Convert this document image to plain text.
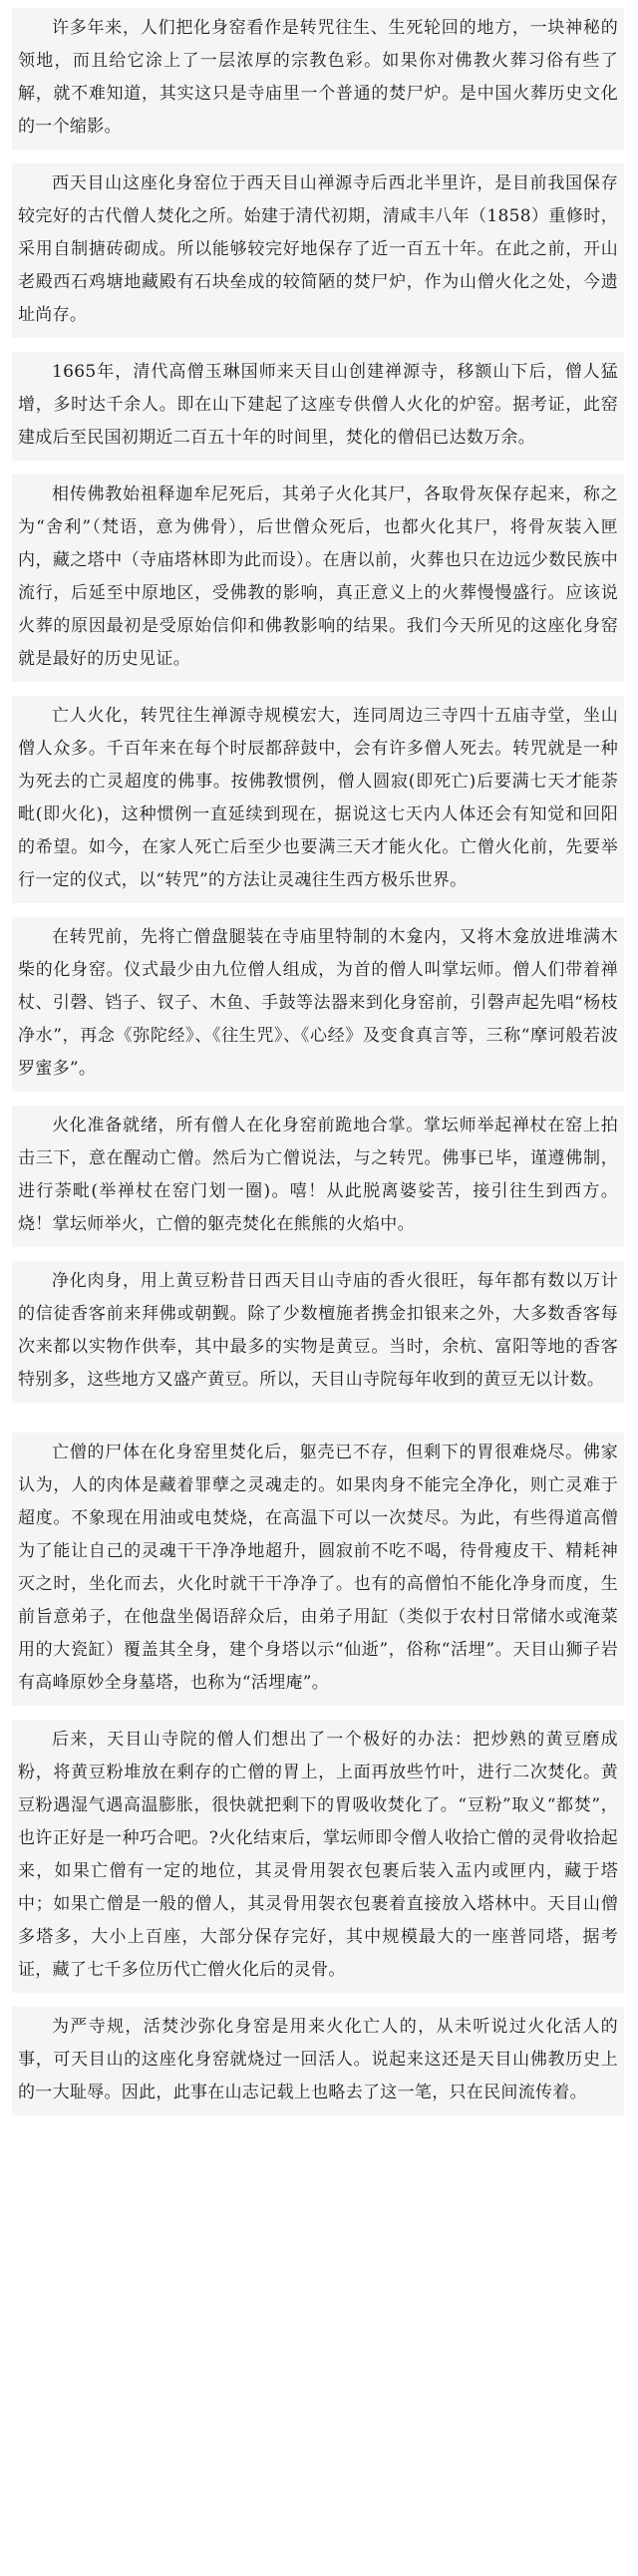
许多年来，人们把化身窑看作是转咒往生、生死轮回的地方，一块神秘的领地，而且给它涂上了一层浓厚的宗教色彩。如果你对佛教火葬习俗有些了解，就不难知道，其实这只是寺庙里一个普通的焚尸炉。是中国火葬历史文化的一个缩影。

西天目山这座化身窑位于西天目山禅源寺后西北半里许，是目前我国保存较完好的古代僧人焚化之所。始建于清代初期，清咸丰八年（1858）重修时，采用自制搪砖砌成。所以能够较完好地保存了近一百五十年。在此之前，开山老殿西石鸡塘地藏殿有石块垒成的较简陋的焚尸炉，作为山僧火化之处，今遗址尚存。

1665年，清代高僧玉琳国师来天目山创建禅源寺，移额山下后，僧人猛增，多时达千余人。即在山下建起了这座专供僧人火化的炉窑。据考证，此窑建成后至民国初期近二百五十年的时间里，焚化的僧侣已达数万余。

相传佛教始祖释迦牟尼死后，其弟子火化其尸，各取骨灰保存起来，称之为“舍利”（梵语，意为佛骨），后世僧众死后，也都火化其尸，将骨灰装入匣内，藏之塔中（寺庙塔林即为此而设）。在唐以前，火葬也只在边远少数民族中流行，后延至中原地区，受佛教的影响，真正意义上的火葬慢慢盛行。应该说火葬的原因最初是受原始信仰和佛教影响的结果。我们今天所见的这座化身窑就是最好的历史见证。

亡人火化，转咒往生禅源寺规模宏大，连同周边三寺四十五庙寺堂，坐山僧人众多。千百年来在每个时辰都辞鼓中，会有许多僧人死去。转咒就是一种为死去的亡灵超度的佛事。按佛教惯例，僧人圆寂(即死亡)后要满七天才能荼毗(即火化)，这种惯例一直延续到现在，据说这七天内人体还会有知觉和回阳的希望。如今，在家人死亡后至少也要满三天才能火化。亡僧火化前，先要举行一定的仪式，以“转咒”的方法让灵魂往生西方极乐世界。

在转咒前，先将亡僧盘腿装在寺庙里特制的木龛内，又将木龛放进堆满木柴的化身窑。仪式最少由九位僧人组成，为首的僧人叫掌坛师。僧人们带着禅杖、引磬、铛子、钗子、木鱼、手鼓等法器来到化身窑前，引磬声起先唱“杨枝净水”，再念《弥陀经》、《往生咒》、《心经》及变食真言等，三称“摩诃般若波罗蜜多”。

火化准备就绪，所有僧人在化身窑前跪地合掌。掌坛师举起禅杖在窑上拍击三下，意在醒动亡僧。然后为亡僧说法，与之转咒。佛事已毕，谨遵佛制，进行荼毗(举禅杖在窑门划一圈)。嘻！从此脱离婆娑苦，接引往生到西方。烧！掌坛师举火，亡僧的躯壳焚化在熊熊的火焰中。

净化肉身，用上黄豆粉昔日西天目山寺庙的香火很旺，每年都有数以万计的信徒香客前来拜佛或朝觐。除了少数檀施者携金扣银来之外，大多数香客每次来都以实物作供奉，其中最多的实物是黄豆。当时，余杭、富阳等地的香客特别多，这些地方又盛产黄豆。所以，天目山寺院每年收到的黄豆无以计数。

亡僧的尸体在化身窑里焚化后，躯壳已不存，但剩下的胃很难烧尽。佛家认为，人的肉体是藏着罪孽之灵魂走的。如果肉身不能完全净化，则亡灵难于超度。不象现在用油或电焚烧，在高温下可以一次焚尽。为此，有些得道高僧为了能让自己的灵魂干干净净地超升，圆寂前不吃不喝，待骨瘦皮干、精耗神灭之时，坐化而去，火化时就干干净净了。也有的高僧怕不能化净身而度，生前旨意弟子，在他盘坐偈语辞众后，由弟子用缸（类似于农村日常储水或淹菜用的大瓷缸）覆盖其全身，建个身塔以示“仙逝”，俗称“活埋”。天目山狮子岩有高峰原妙全身墓塔，也称为“活埋庵”。

后来，天目山寺院的僧人们想出了一个极好的办法：把炒熟的黄豆磨成粉，将黄豆粉堆放在剩存的亡僧的胃上，上面再放些竹叶，进行二次焚化。黄豆粉遇湿气遇高温膨胀，很快就把剩下的胃吸收焚化了。“豆粉”取义“都焚”，也许正好是一种巧合吧。?火化结束后，掌坛师即令僧人收拾亡僧的灵骨收拾起来，如果亡僧有一定的地位，其灵骨用袈衣包裹后装入盂内或匣内，藏于塔中；如果亡僧是一般的僧人，其灵骨用袈衣包裹着直接放入塔林中。天目山僧多塔多，大小上百座，大部分保存完好，其中规模最大的一座普同塔，据考证，藏了七千多位历代亡僧火化后的灵骨。

为严寺规，活焚沙弥化身窑是用来火化亡人的，从未听说过火化活人的事，可天目山的这座化身窑就烧过一回活人。说起来这还是天目山佛教历史上的一大耻辱。因此，此事在山志记载上也略去了这一笔，只在民间流传着。
